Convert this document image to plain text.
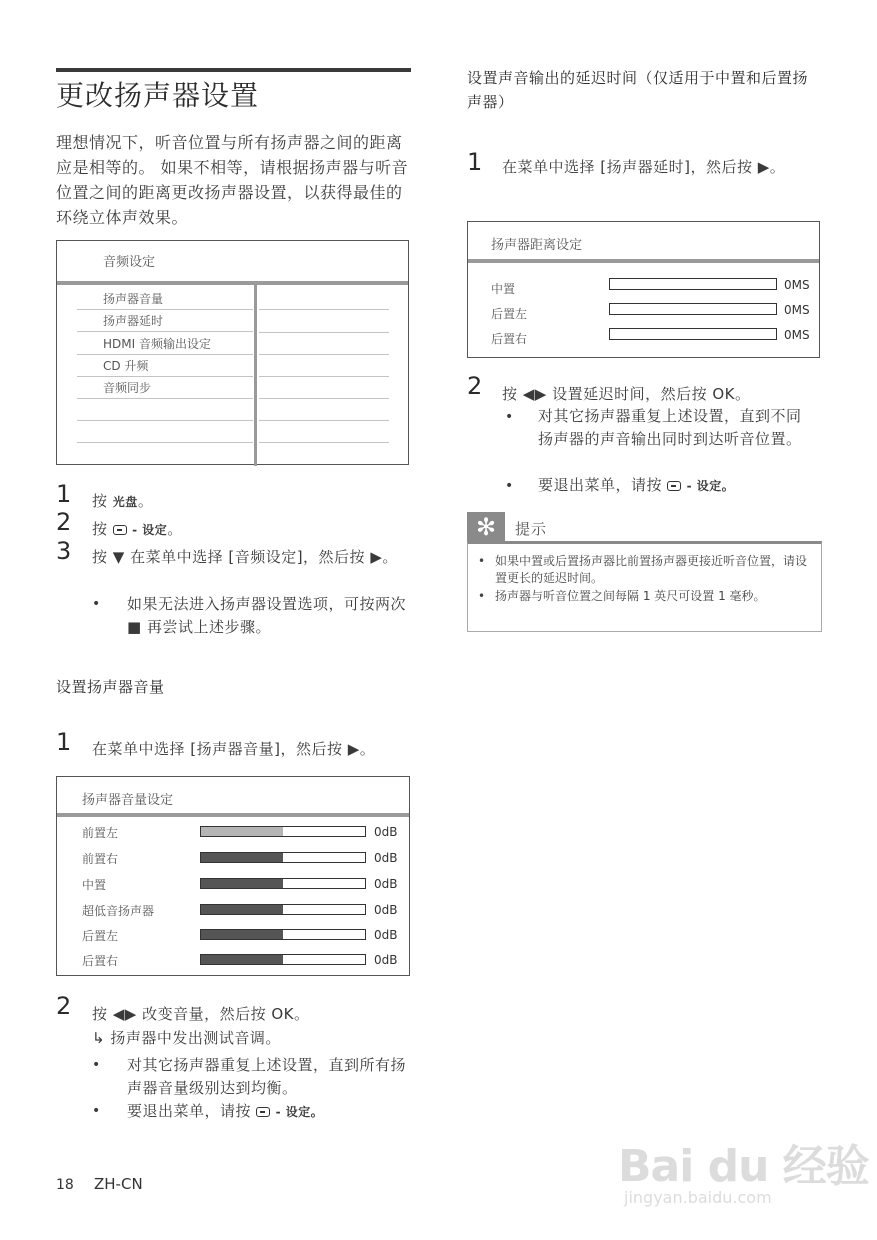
更改扬声器设置
理想情况下，听音位置与所有扬声器之间的距离应是相等的。 如果不相等，请根据扬声器与听音位置之间的距离更改扬声器设置，以获得最佳的环绕立体声效果。
音频设定
扬声器音量
扬声器延时
HDMI 音频输出设定
CD 升频
音频同步
1 按 光盘。
2 按 - 设定。
3 按 ▼ 在菜单中选择 [音频设定]，然后按 ▶。
• 如果无法进入扬声器设置选项，可按两次 ■ 再尝试上述步骤。
设置扬声器音量
1 在菜单中选择 [扬声器音量]，然后按 ▶。
扬声器音量设定
前置左	0dB
前置右	0dB
中置	0dB
超低音扬声器	0dB
后置左	0dB
后置右	0dB
2 按 ◀▶ 改变音量，然后按 OK。
↳ 扬声器中发出测试音调。
• 对其它扬声器重复上述设置，直到所有扬声器音量级别达到均衡。
• 要退出菜单，请按 - 设定。
设置声音输出的延迟时间（仅适用于中置和后置扬声器）
1 在菜单中选择 [扬声器延时]，然后按 ▶。
扬声器距离设定
中置	0MS
后置左	0MS
后置右	0MS
2 按 ◀▶ 设置延迟时间，然后按 OK。
• 对其它扬声器重复上述设置，直到不同扬声器的声音输出同时到达听音位置。
• 要退出菜单，请按 - 设定。
✻	提示
• 如果中置或后置扬声器比前置扬声器更接近听音位置，请设置更长的延迟时间。
• 扬声器与听音位置之间每隔 1 英尺可设置 1 毫秒。
18 ZH-CN	Bai du 经验
jingyan.baidu.com
